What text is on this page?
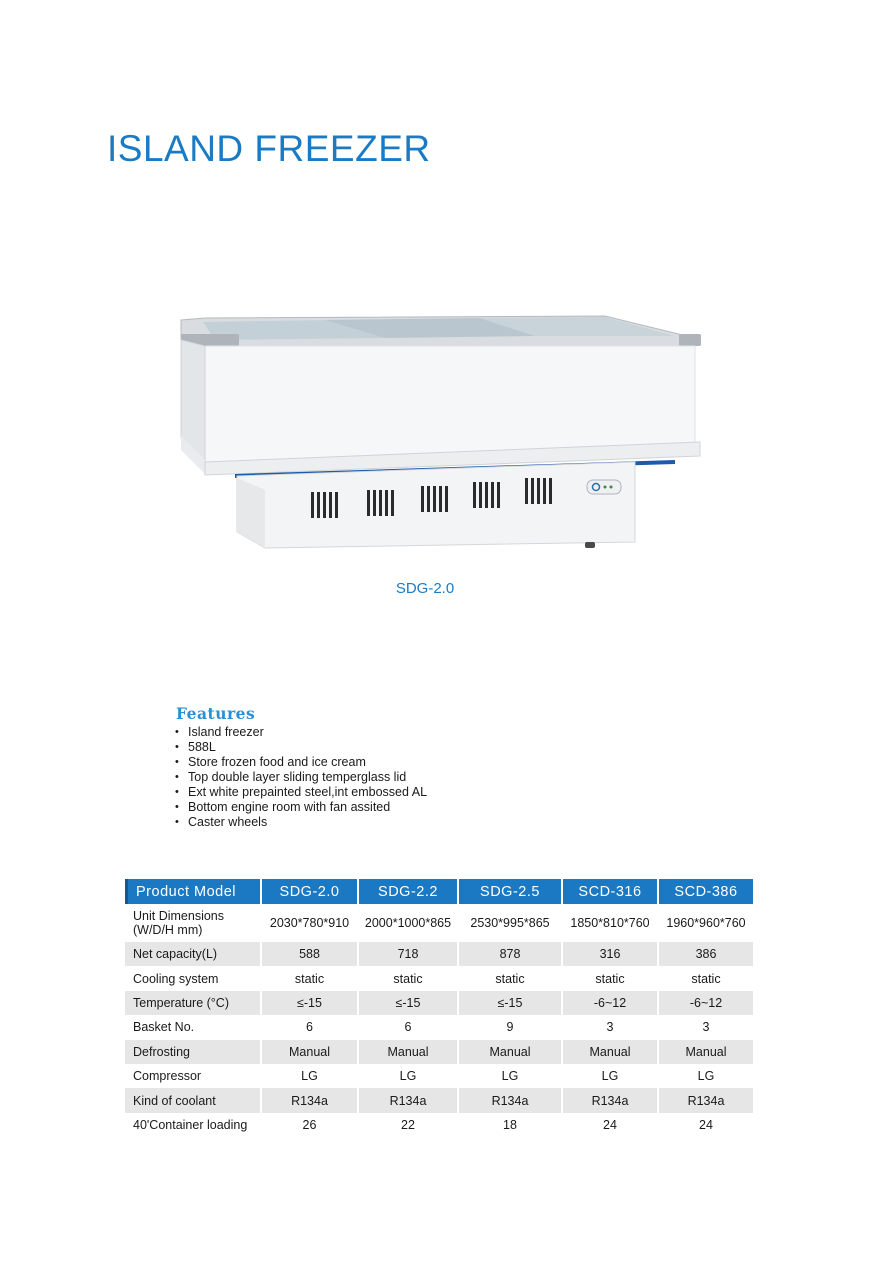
ISLAND FREEZER
SDG-2.0
Features
• Island freezer
• 588L
• Store frozen food and ice cream
• Top double layer sliding temperglass lid
• Ext white prepainted steel,int embossed AL
• Bottom engine room with fan assited
• Caster wheels
Product Model	SDG-2.0	SDG-2.2	SDG-2.5	SCD-316	SCD-386
Unit Dimensions (W/D/H mm)	2030*780*910	2000*1000*865	2530*995*865	1850*810*760	1960*960*760
Net capacity(L)	588	718	878	316	386
Cooling system	static	static	static	static	static
Temperature (°C)	≤-15	≤-15	≤-15	-6~12	-6~12
Basket No.	6	6	9	3	3
Defrosting	Manual	Manual	Manual	Manual	Manual
Compressor	LG	LG	LG	LG	LG
Kind of coolant	R134a	R134a	R134a	R134a	R134a
40'Container loading	26	22	18	24	24
